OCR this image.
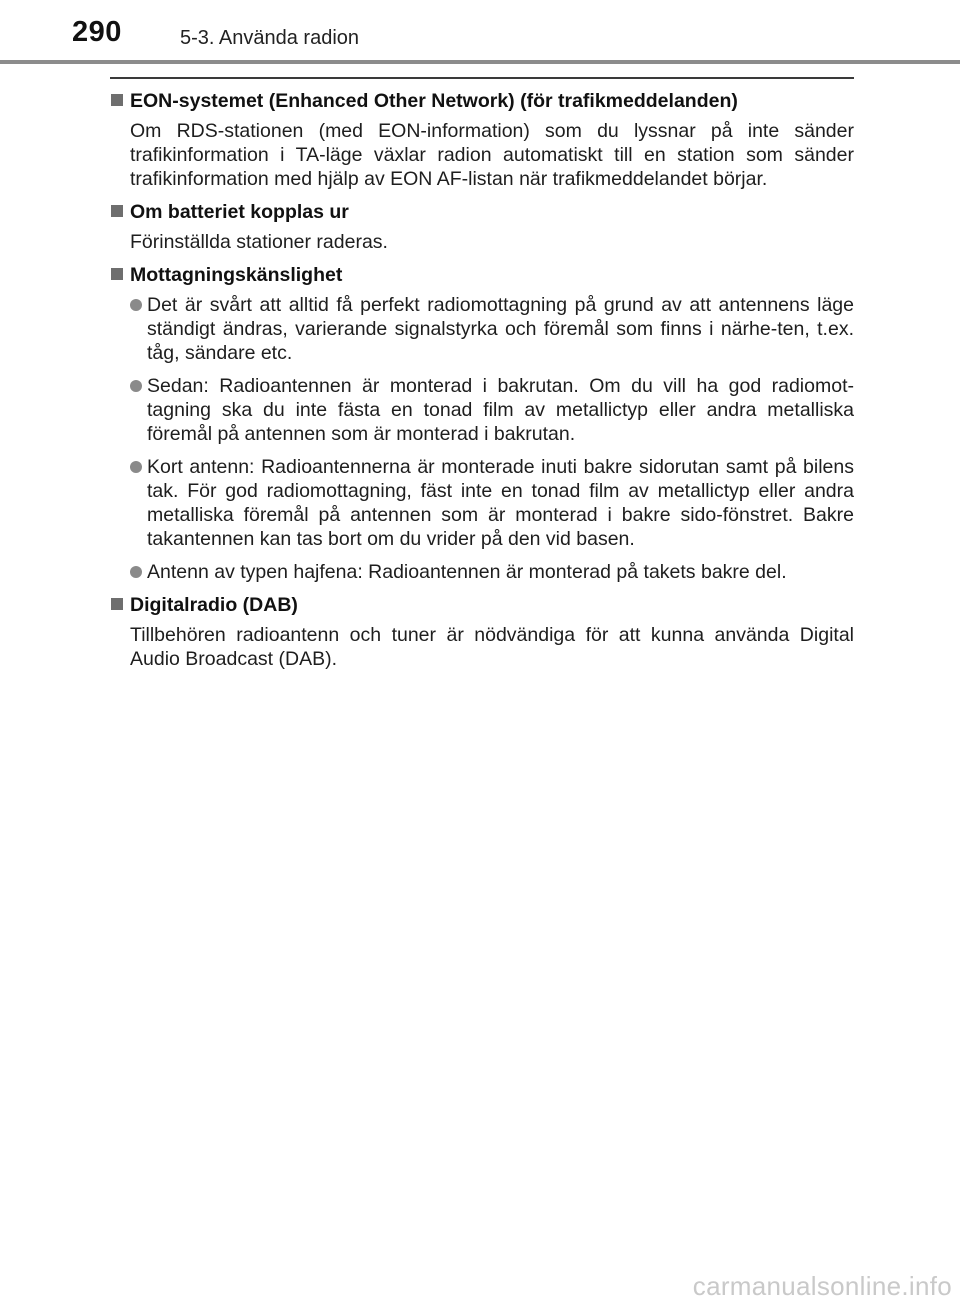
290	5-3. Använda radion
EON-systemet (Enhanced Other Network) (för trafikmeddelanden)
Om RDS-stationen (med EON-information) som du lyssnar på inte sänder trafikinformation i TA-läge växlar radion automatiskt till en station som sänder trafikinformation med hjälp av EON AF-listan när trafikmeddelandet börjar.
Om batteriet kopplas ur
Förinställda stationer raderas.
Mottagningskänslighet
Det är svårt att alltid få perfekt radiomottagning på grund av att antennens läge ständigt ändras, varierande signalstyrka och föremål som finns i närhe-ten, t.ex. tåg, sändare etc.
Sedan: Radioantennen är monterad i bakrutan. Om du vill ha god radiomot-tagning ska du inte fästa en tonad film av metallictyp eller andra metalliska föremål på antennen som är monterad i bakrutan.
Kort antenn: Radioantennerna är monterade inuti bakre sidorutan samt på bilens tak. För god radiomottagning, fäst inte en tonad film av metallictyp eller andra metalliska föremål på antennen som är monterad i bakre sido-fönstret. Bakre takantennen kan tas bort om du vrider på den vid basen.
Antenn av typen hajfena: Radioantennen är monterad på takets bakre del.
Digitalradio (DAB)
Tillbehören radioantenn och tuner är nödvändiga för att kunna använda Digital Audio Broadcast (DAB).
carmanualsonline.info
